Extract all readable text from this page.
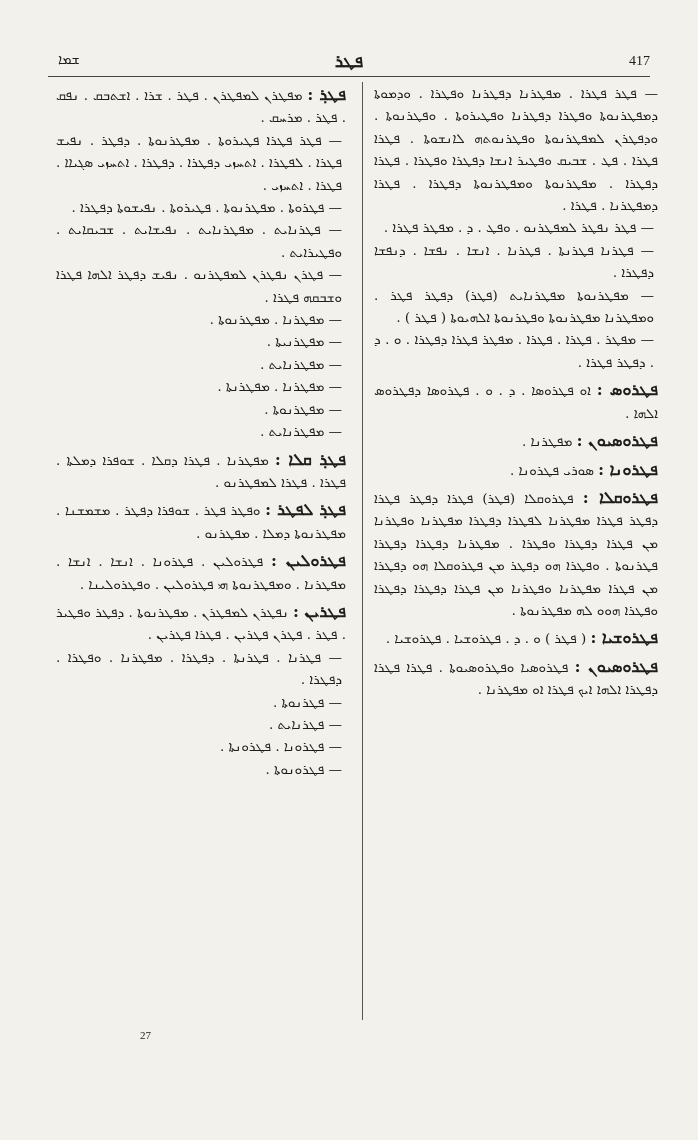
ܫܡܐ	ܦܛܪ	417

ܦܛܪ݂ : ܡܦܛܪܢ ܠܡܦܛܪܢ . ܦܛܪ . ܫܪܐ . ܐܫܬܒܩ . ܢܦܩ . ܦܛܪ . ܡܪܚܩ .

— ܦܛܪ ܦܛܪܐ ܦܛܝܪܘܬܐ . ܡܦܛܪܢܘܬܐ . ܕܦܛܪ . ܢܦܝܫ ܦܛܪܐ . ܠܦܛܪܐ . ܐܬܚܙܝ ܕܦܛܪܐ . ܕܦܛܪܐ . ܐܬܚܙܝ ܣܓܝܐܐ . ܦܛܪܐ . ܐܬܚܙܝ .

— ܦܛܪܘܬܐ . ܡܦܛܪܢܘܬܐ . ܦܛܝܪܘܬܐ . ܢܦܝܫܘܬܐ ܕܦܛܪܐ .

— ܦܛܪܢܐܝܬ . ܡܦܛܪܢܐܝܬ . ܢܦܝܫܐܝܬ . ܫܒܝܩܐܝܬ . ܘܦܛܝܪܐܝܬ .

— ܦܛܪܢ ܢܦܛܪܢ ܠܡܦܛܪܢܘ . ܢܦܝܫ ܕܦܛܪ ܐܠܗܐ ܦܛܪܐ ܘܫܒܩܗ ܦܛܪܐ .

— ܡܦܛܪܢܐ . ܡܦܛܪܢܘܬܐ .

— ܡܦܛܪܢܝܬܐ .

— ܡܦܛܪܢܐܝܬ .

— ܡܦܛܪܢܐ . ܡܦܛܪܢܬܐ .

— ܡܦܛܪܢܘܬܐ .

— ܡܦܛܪܢܐܝܬ .

ܦܛܪ݂ ܩܠܐ : ܡܦܛܪܢܐ . ܦܛܪܐ ܕܩܠܐ . ܫܘܦܪܐ ܕܡܠܬܐ . ܦܛܪܐ . ܦܛܪܐ ܠܡܦܛܪܢܘ .

ܦܛܪ݂ ܠܦܛܪ : ܘܦܛܪ ܦܛܪ . ܫܘܦܪܐ ܕܦܛܪ . ܡܫܡܫܢܐ . ܡܦܛܪܢܘܬܐ ܕܡܠܐ . ܡܦܛܪܢܘ .

ܦܛܪܘܠܝܢ : ܦܛܪܘܠܝܢ . ܦܛܪܘܢܐ . ܐܢܫܐ . ܐܢܫܐ . ܡܦܛܪܢܐ . ܘܡܦܛܪܢܘܬܐ ܗܝ ܦܛܪܘܠܝܢ . ܘܦܛܪܘܠܝܢܐ .

ܦܛܪܝܢ : ܢܦܛܪܢ ܠܡܦܛܪܢ . ܡܦܛܪܢܘܬܐ . ܕܦܛܪ ܘܦܛܝܪ . ܦܛܪ . ܦܛܪܢ ܦܛܪܝܢ . ܦܛܪܐ ܦܛܪܝܢ .

— ܦܛܪܢܐ . ܦܛܪܢܬܐ . ܕܦܛܪܐ . ܡܦܛܪܢܐ . ܘܦܛܪܐ . ܕܦܛܪܐ .

— ܦܛܪܢܘܬܐ .

— ܦܛܪܢܐܝܬ .

— ܦܛܪܘܢܐ . ܦܛܪܘܢܬܐ .

— ܦܛܪܘܢܘܬܐ .

— ܦܛܪ ܦܛܪܐ . ܡܦܛܪܢܐ ܕܦܛܪܢܐ ܘܦܛܪܐ . ܘܕܡܘܬܐ ܕܡܦܛܪܢܘܬܐ ܘܦܛܪܐ ܕܦܛܪܢܐ ܘܦܛܝܪܘܬܐ . ܘܦܛܪܢܘܬܐ . ܘܕܦܛܪܢ ܠܡܦܛܪܢܘܬܐ ܘܦܛܪܢܘܬܗ ܠܐܢܫܘܬܐ . ܦܛܪܐ ܦܛܪܐ . ܦܛ . ܫܒܝܩ ܘܦܛܝܪ ܐܢܫܐ ܕܦܛܪܐ ܘܦܛܪܐ . ܦܛܪܐ ܕܦܛܪܐ . ܡܦܛܪܢܘܬܐ ܘܡܦܛܪܢܘܬܐ ܕܦܛܪܐ . ܦܛܪܐ ܕܡܦܛܪܢܐ . ܦܛܪܐ .

— ܦܛܪ ܢܦܛܪ ܠܡܦܛܪܢܘ . ܘܦܛ . ܕ . ܡܦܛܪ ܦܛܪܐ .

— ܦܛܪܢܐ ܦܛܪܢܬܐ . ܦܛܪܢܐ . ܐܢܫܐ . ܢܦܫܐ . ܕܢܦܫܐ ܕܦܛܪܐ .

— ܡܦܛܪܢܘܬܐ ܡܦܛܪܢܐܝܬ (ܦܛܪ) ܕܦܛܪ ܦܛܪ . ܘܡܦܛܪܢܐ ܡܦܛܪܢܘܬܐ ܘܦܛܪܢܘܬܐ ܐܠܗܝܘܬܐ ( ܦܛܪ ) .

— ܡܦܛܪ . ܦܛܪܐ . ܦܛܪܐ . ܡܦܛܪ ܦܛܪܐ ܕܦܛܪܐ . ܘ . ܕ . ܕܦܛܪ ܦܛܪܐ .

ܦܛܪܘܣ : ܐܘ ܦܛܪܘܣܐ . ܕ . ܘ . ܦܛܪܘܣܐ ܕܦܛܪܘܣ ܐܠܗܐ .

ܦܛܪܘܣܝܘܢ : ܡܦܛܪܢܐ .

ܦܛܪܘܢܐ : ܣܘܪܝ ܦܛܪܘܢܐ .

ܦܛܪܘܩܠܐ : ܦܛܪܘܩܠܐ (ܦܛܪ) ܦܛܪܐ ܕܦܛܪ ܦܛܪܐ ܕܦܛܪ ܦܛܪܐ ܡܦܛܪܢܐ ܠܦܛܪܐ ܕܦܛܪܐ ܡܦܛܪܢܐ ܘܦܛܪܢܐ ܡܢ ܦܛܪܐ ܕܦܛܪܐ ܘܦܛܪܐ . ܡܦܛܪܢܐ ܕܦܛܪܐ ܕܦܛܪܐ ܦܛܪܢܘܬܐ . ܘܦܛܪܐ ܗܘ ܕܦܛܪ ܡܢ ܦܛܪܘܩܠܐ ܗܘ ܕܦܛܪܐ ܡܢ ܦܛܪܐ ܡܦܛܪܢܐ ܘܦܛܪܢܐ ܡܢ ܦܛܪܐ ܕܦܛܪܐ ܕܦܛܪܐ ܘܦܛܪܐ ܗܘܘ ܠܗ ܡܦܛܪܢܘܬܐ .

ܦܛܪܘܫܝܐ : ( ܦܛܪ ) ܘ . ܕ . ܦܛܪܘܫܝܐ . ܦܛܪܘܫܝܐ .

ܦܛܪܘܣܝܘܢ : ܦܛܪܘܣܝܐ ܘܦܛܪܘܣܝܘܬܐ . ܦܛܪܐ ܦܛܪܐ ܕܦܛܪܐ ܐܠܗܐ ܐܝܟ ܦܛܪܐ ܐܘ ܡܦܛܪܢܐ .

27
